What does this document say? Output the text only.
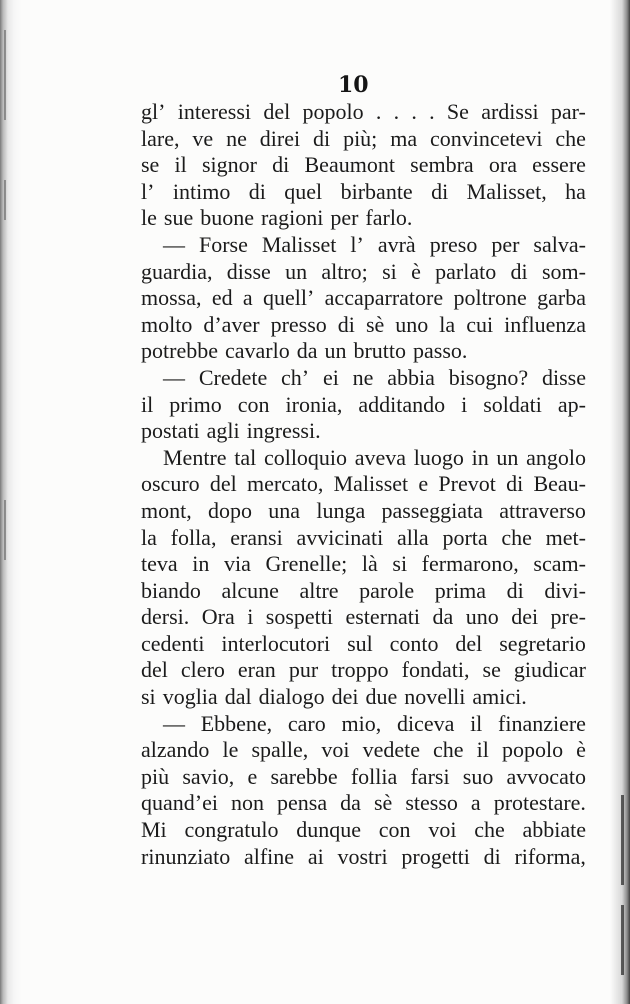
10
gl’ interessi del popolo . . . . Se ardissi par-
lare, ve ne direi di più; ma convincetevi che
se il signor di Beaumont sembra ora essere
l’ intimo di quel birbante di Malisset, ha
le sue buone ragioni per farlo.
— Forse Malisset l’ avrà preso per salva-
guardia, disse un altro; si è parlato di som-
mossa, ed a quell’ accaparratore poltrone garba
molto d’aver presso di sè uno la cui influenza
potrebbe cavarlo da un brutto passo.
— Credete ch’ ei ne abbia bisogno? disse
il primo con ironia, additando i soldati ap-
postati agli ingressi.
Mentre tal colloquio aveva luogo in un angolo
oscuro del mercato, Malisset e Prevot di Beau-
mont, dopo una lunga passeggiata attraverso
la folla, eransi avvicinati alla porta che met-
teva in via Grenelle; là si fermarono, scam-
biando alcune altre parole prima di divi-
dersi. Ora i sospetti esternati da uno dei pre-
cedenti interlocutori sul conto del segretario
del clero eran pur troppo fondati, se giudicar
si voglia dal dialogo dei due novelli amici.
— Ebbene, caro mio, diceva il finanziere
alzando le spalle, voi vedete che il popolo è
più savio, e sarebbe follia farsi suo avvocato
quand’ei non pensa da sè stesso a protestare.
Mi congratulo dunque con voi che abbiate
rinunziato alfine ai vostri progetti di riforma,
